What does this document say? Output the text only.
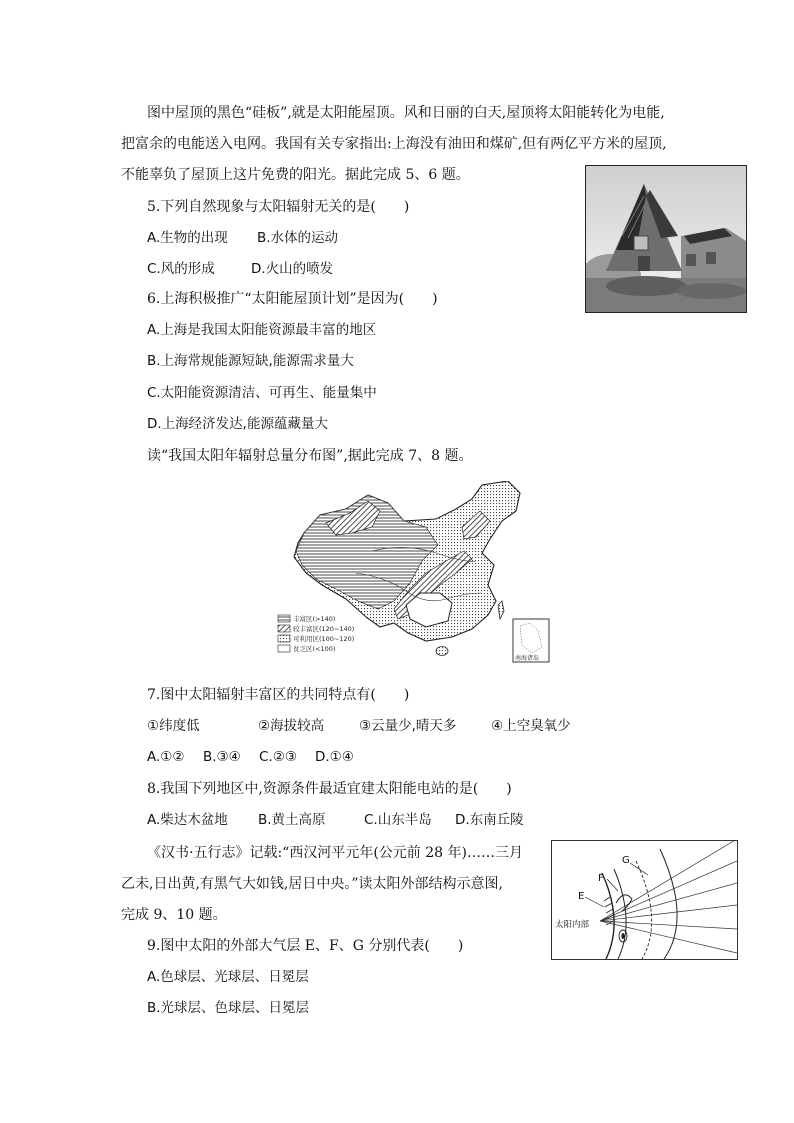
图中屋顶的黑色“硅板”,就是太阳能屋顶。风和日丽的白天,屋顶将太阳能转化为电能,
把富余的电能送入电网。我国有关专家指出:上海没有油田和煤矿,但有两亿平方米的屋顶,
不能辜负了屋顶上这片免费的阳光。据此完成 5、6 题。
5.下列自然现象与太阳辐射无关的是(　　)
A.生物的出现 B.水体的运动
C.风的形成	D.火山的喷发
6.上海积极推广“太阳能屋顶计划”是因为(　　)
A.上海是我国太阳能资源最丰富的地区
B.上海常规能源短缺,能源需求量大
C.太阳能资源清洁、可再生、能量集中
D.上海经济发达,能源蕴藏量大
读“我国太阳年辐射总量分布图”,据此完成 7、8 题。
南海诸岛
丰富区(>140)
较丰富区(120~140)
可利用区(100~120)
贫乏区(<100)
7.图中太阳辐射丰富区的共同特点有(　　)
①纬度低	②海拔较高	③云量少,晴天多	④上空臭氧少
A.①② B.③④ C.②③ D.①④
8.我国下列地区中,资源条件最适宜建太阳能电站的是(　　)
A.柴达木盆地 B.黄土高原	C.山东半岛 D.东南丘陵
《汉书·五行志》记载:“西汉河平元年(公元前 28 年)……三月
乙未,日出黄,有黑气大如钱,居日中央。”读太阳外部结构示意图,
完成 9、10 题。
E
F
G
太阳内部
9.图中太阳的外部大气层 E、F、G 分别代表(　　)
A.色球层、光球层、日冕层
B.光球层、色球层、日冕层
